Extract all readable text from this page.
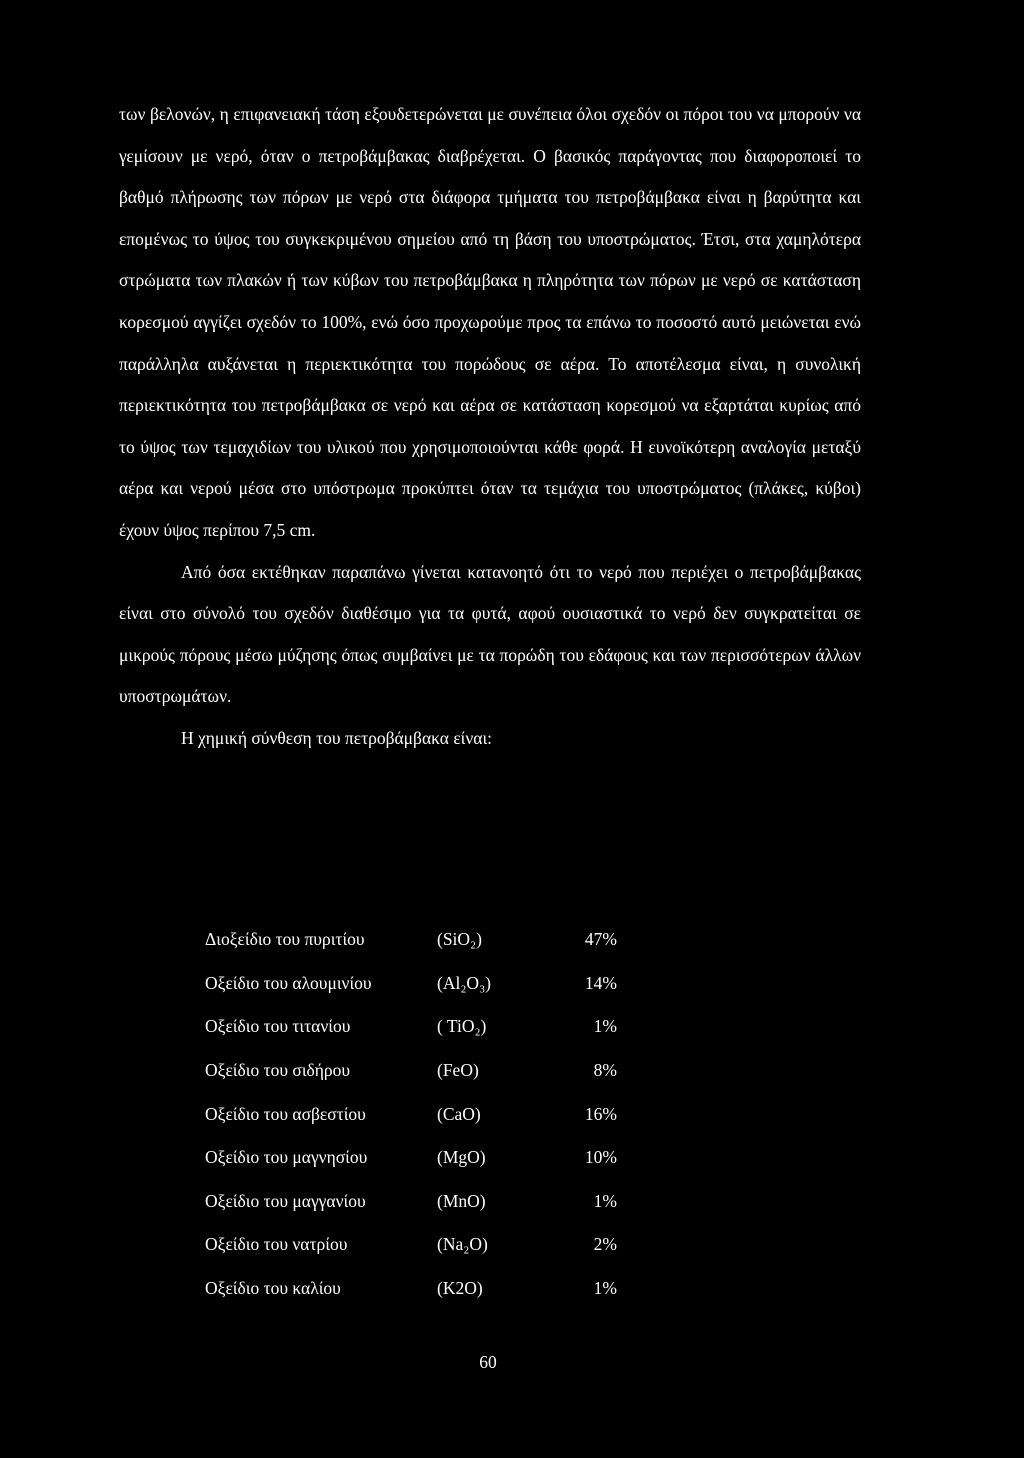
των βελονών, η επιφανειακή τάση εξουδετερώνεται με συνέπεια όλοι σχεδόν οι πόροι του να μπορούν να γεμίσουν με νερό, όταν ο πετροβάμβακας διαβρέχεται. Ο βασικός παράγοντας που διαφοροποιεί το βαθμό πλήρωσης των πόρων με νερό στα διάφορα τμήματα του πετροβάμβακα είναι η βαρύτητα και επομένως το ύψος του συγκεκριμένου σημείου από τη βάση του υποστρώματος. Έτσι, στα χαμηλότερα στρώματα των πλακών ή των κύβων του πετροβάμβακα η πληρότητα των πόρων με νερό σε κατάσταση κορεσμού αγγίζει σχεδόν το 100%, ενώ όσο προχωρούμε προς τα επάνω το ποσοστό αυτό μειώνεται ενώ παράλληλα αυξάνεται η περιεκτικότητα του πορώδους σε αέρα. Το αποτέλεσμα είναι, η συνολική περιεκτικότητα του πετροβάμβακα σε νερό και αέρα σε κατάσταση κορεσμού να εξαρτάται κυρίως από το ύψος των τεμαχιδίων του υλικού που χρησιμοποιούνται κάθε φορά. Η ευνοϊκότερη αναλογία μεταξύ αέρα και νερού μέσα στο υπόστρωμα προκύπτει όταν τα τεμάχια του υποστρώματος (πλάκες, κύβοι) έχουν ύψος περίπου 7,5 cm.

Από όσα εκτέθηκαν παραπάνω γίνεται κατανοητό ότι το νερό που περιέχει ο πετροβάμβακας είναι στο σύνολό του σχεδόν διαθέσιμο για τα φυτά, αφού ουσιαστικά το νερό δεν συγκρατείται σε μικρούς πόρους μέσω μύζησης όπως συμβαίνει με τα πορώδη του εδάφους και των περισσότερων άλλων υποστρωμάτων.

Η χημική σύνθεση του πετροβάμβακα είναι:

Διοξείδιο του πυριτίου	(SiO₂)	47%
Οξείδιο του αλουμινίου	(Al₂O₃)	14%
Οξείδιο του τιτανίου	( TiO₂)	1%
Οξείδιο του σιδήρου	(FeO)	8%
Οξείδιο του ασβεστίου	(CaO)	16%
Οξείδιο του μαγνησίου	(MgO)	10%
Οξείδιο του μαγγανίου	(MnO)	1%
Οξείδιο του νατρίου	(Na₂O)	2%
Οξείδιο του καλίου	(K2O)	1%
60
